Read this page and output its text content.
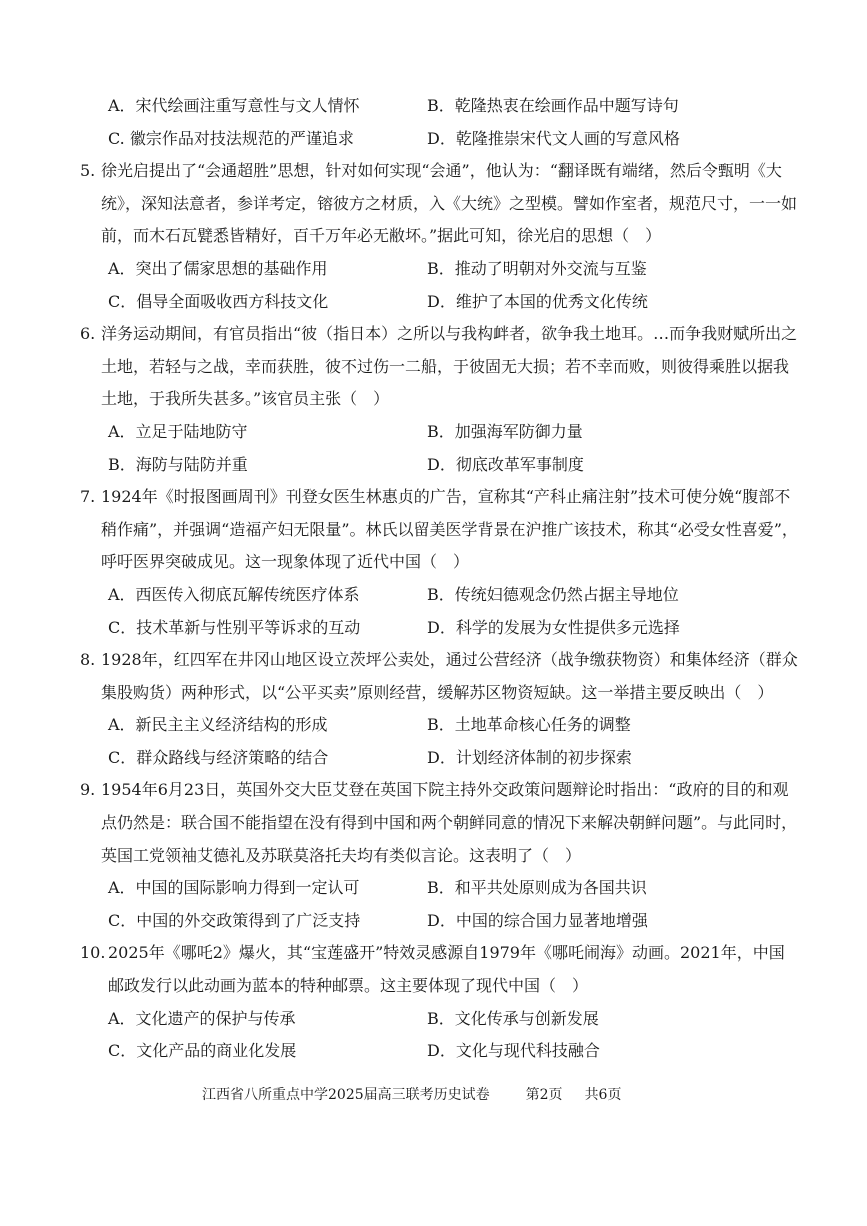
A．宋代绘画注重写意性与文人情怀	B．乾隆热衷在绘画作品中题写诗句
C. 徽宗作品对技法规范的严谨追求	D．乾隆推崇宋代文人画的写意风格
5. 徐光启提出了“会通超胜”思想，针对如何实现“会通”，他认为：“翻译既有端绪，然后令甄明《大统》，深知法意者，参详考定，镕彼方之材质，入《大统》之型模。譬如作室者，规范尺寸，一一如前，而木石瓦甓悉皆精好，百千万年必无敝坏。”据此可知，徐光启的思想（　）
A．突出了儒家思想的基础作用	B．推动了明朝对外交流与互鉴
C．倡导全面吸收西方科技文化	D．维护了本国的优秀文化传统
6. 洋务运动期间，有官员指出“彼（指日本）之所以与我构衅者，欲争我土地耳。…而争我财赋所出之土地，若轻与之战，幸而获胜，彼不过伤一二船，于彼固无大损；若不幸而败，则彼得乘胜以据我土地，于我所失甚多。”该官员主张（　）
A．立足于陆地防守	B．加强海军防御力量
B．海防与陆防并重	D．彻底改革军事制度
7. 1924年《时报图画周刊》刊登女医生林惠贞的广告，宣称其“产科止痛注射”技术可使分娩“腹部不稍作痛”，并强调“造福产妇无限量”。林氏以留美医学背景在沪推广该技术，称其“必受女性喜爱”，呼吁医界突破成见。这一现象体现了近代中国（　）
A．西医传入彻底瓦解传统医疗体系	B．传统妇德观念仍然占据主导地位
C．技术革新与性别平等诉求的互动	D．科学的发展为女性提供多元选择
8. 1928年，红四军在井冈山地区设立茨坪公卖处，通过公营经济（战争缴获物资）和集体经济（群众集股购货）两种形式，以“公平买卖”原则经营，缓解苏区物资短缺。这一举措主要反映出（　）
A．新民主主义经济结构的形成	B．土地革命核心任务的调整
C．群众路线与经济策略的结合	D．计划经济体制的初步探索
9. 1954年6月23日，英国外交大臣艾登在英国下院主持外交政策问题辩论时指出：“政府的目的和观点仍然是：联合国不能指望在没有得到中国和两个朝鲜同意的情况下来解决朝鲜问题”。与此同时，英国工党领袖艾德礼及苏联莫洛托夫均有类似言论。这表明了（　）
A．中国的国际影响力得到一定认可	B．和平共处原则成为各国共识
C．中国的外交政策得到了广泛支持	D．中国的综合国力显著地增强
10. 2025年《哪吒2》爆火，其“宝莲盛开”特效灵感源自1979年《哪吒闹海》动画。2021年，中国邮政发行以此动画为蓝本的特种邮票。这主要体现了现代中国（　）
A．文化遗产的保护与传承	B．文化传承与创新发展
C．文化产品的商业化发展	D．文化与现代科技融合
江西省八所重点中学2025届高三联考历史试卷	第2页 共6页
